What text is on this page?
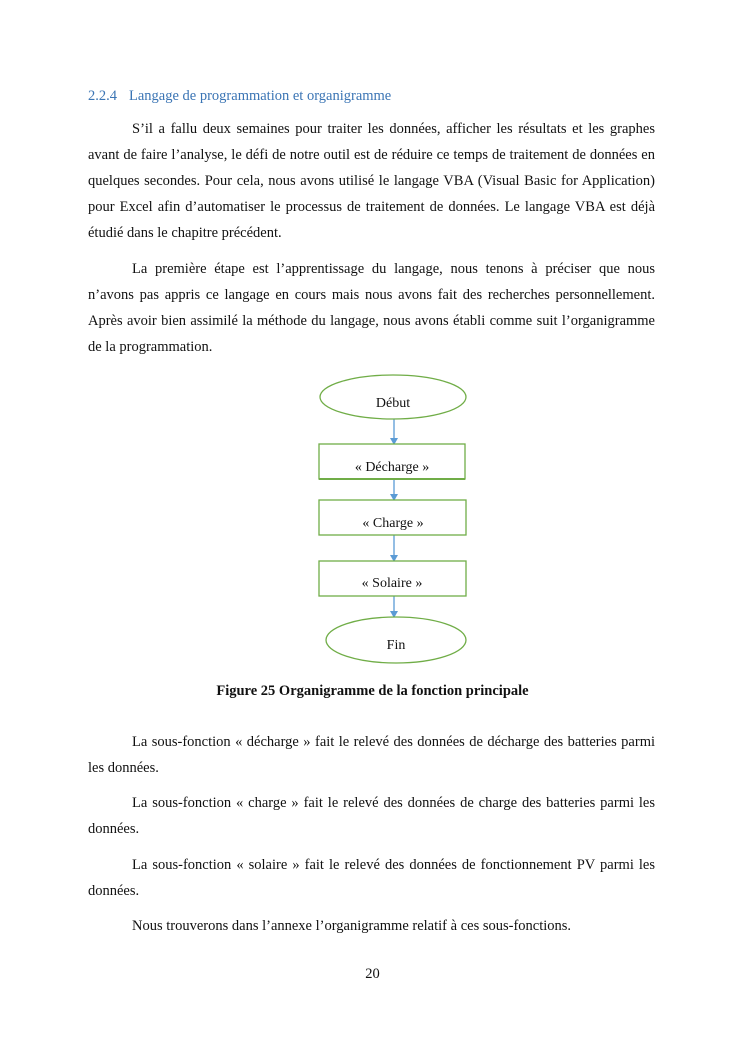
2.2.4 Langage de programmation et organigramme
S’il a fallu deux semaines pour traiter les données, afficher les résultats et les graphes avant de faire l’analyse, le défi de notre outil est de réduire ce temps de traitement de données en quelques secondes. Pour cela, nous avons utilisé le langage VBA (Visual Basic for Application) pour Excel afin d’automatiser le processus de traitement de données. Le langage VBA est déjà étudié dans le chapitre précédent.
La première étape est l’apprentissage du langage, nous tenons à préciser que nous n’avons pas appris ce langage en cours mais nous avons fait des recherches personnellement. Après avoir bien assimilé la méthode du langage, nous avons établi comme suit l’organigramme de la programmation.
Début
« Décharge »
« Charge »
« Solaire »
Fin
Figure 25 Organigramme de la fonction principale
La sous-fonction « décharge » fait le relevé des données de décharge des batteries parmi les données.
La sous-fonction « charge » fait le relevé des données de charge des batteries parmi les données.
La sous-fonction « solaire » fait le relevé des données de fonctionnement PV parmi les données.
Nous trouverons dans l’annexe l’organigramme relatif à ces sous-fonctions.
20
